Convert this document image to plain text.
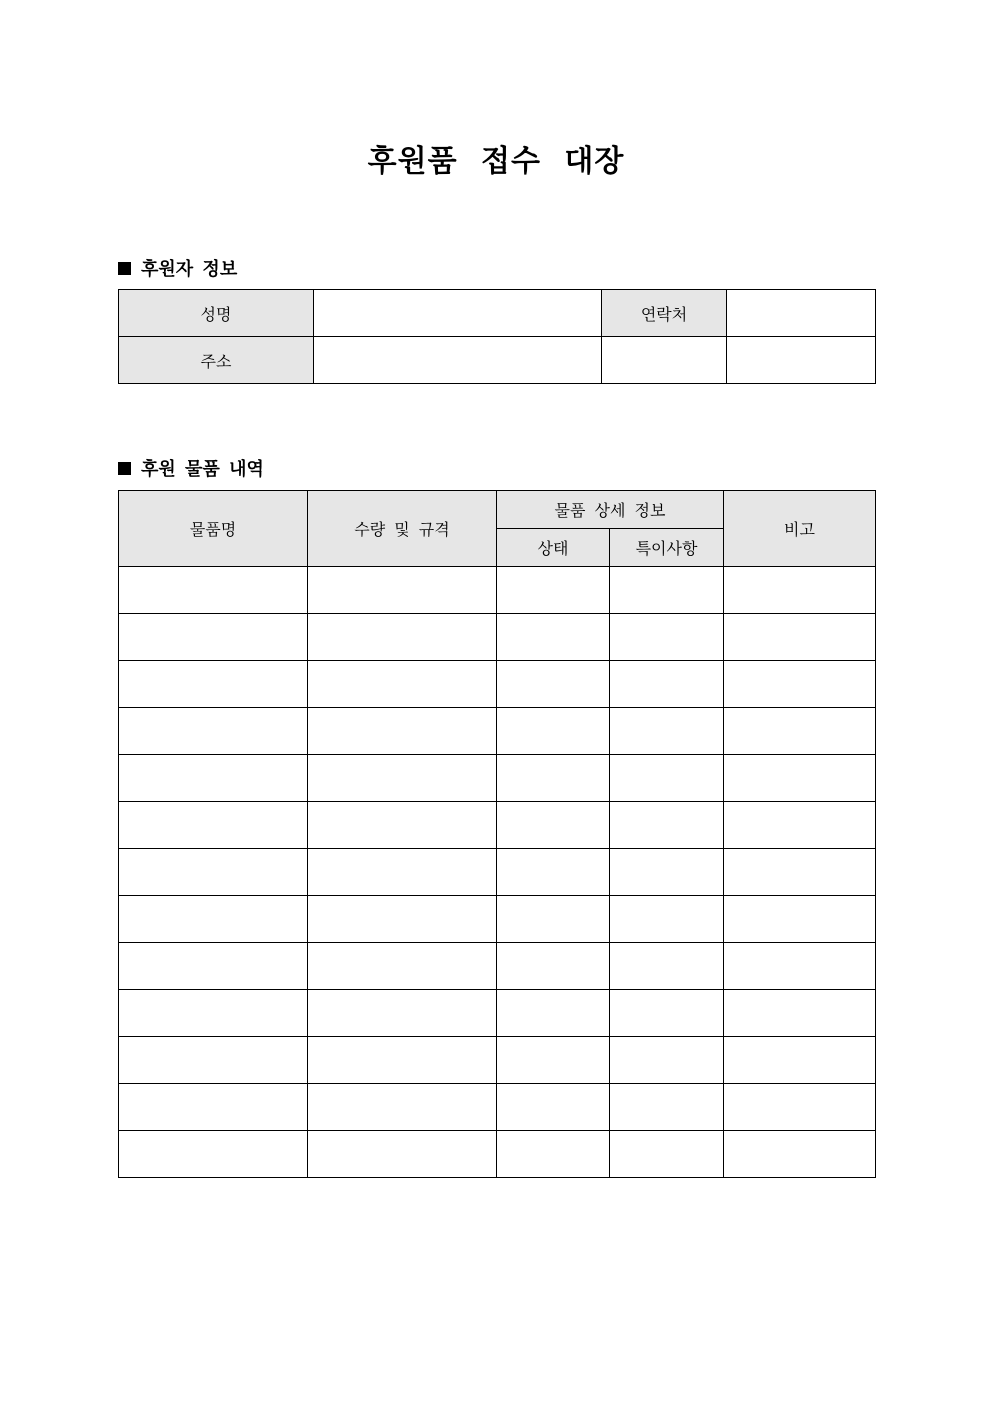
후원품 접수 대장
후원자 정보
성명		연락처	
주소			
후원 물품 내역
물품명	수량 및 규격	물품 상세 정보		비고
		상태	특이사항	
